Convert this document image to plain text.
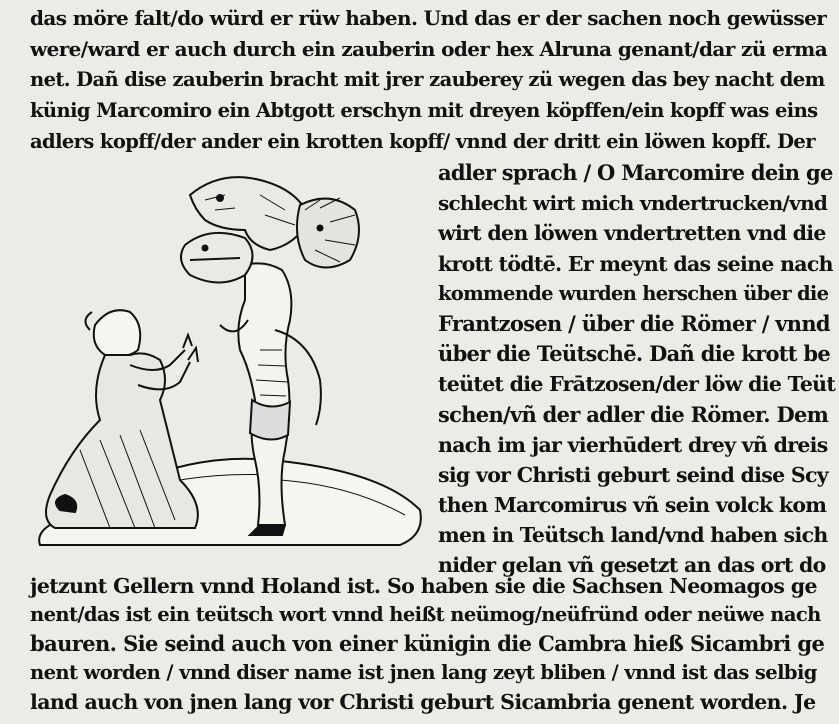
das möre falt/do würd er rüw haben. Und das er der sachen noch gewüsser
were/ward er auch durch ein zauberin oder hex Alruna genant/dar zü erma
net. Dañ dise zauberin bracht mit jrer zauberey zü wegen das bey nacht dem
künig Marcomiro ein Abtgott erschyn mit dreyen köpffen/ein kopff was eins
adlers kopff/der ander ein krotten kopff/ vnnd der dritt ein löwen kopff. Der
adler sprach / O Marcomire dein ge
schlecht wirt mich vndertrucken/vnd
wirt den löwen vndertretten vnd die
krott tödtē. Er meynt das seine nach
kommende wurden herschen über die
Frantzosen / über die Römer / vnnd
über die Teütschē. Dañ die krott be
teütet die Frātzosen/der löw die Teüt
schen/vñ der adler die Römer. Dem
nach im jar vierhūdert drey vñ dreis
sig vor Christi geburt seind dise Scy
then Marcomirus vñ sein volck kom
men in Teütsch land/vnd haben sich
nider gelan vñ gesetzt an das ort do
jetzunt Gellern vnnd Holand ist. So haben sie die Sachsen Neomagos ge
nent/das ist ein teütsch wort vnnd heißt neümog/neüfründ oder neüwe nach
bauren. Sie seind auch von einer künigin die Cambra hieß Sicambri ge
nent worden / vnnd diser name ist jnen lang zeyt bliben / vnnd ist das selbig
land auch von jnen lang vor Christi geburt Sicambria genent worden. Je
